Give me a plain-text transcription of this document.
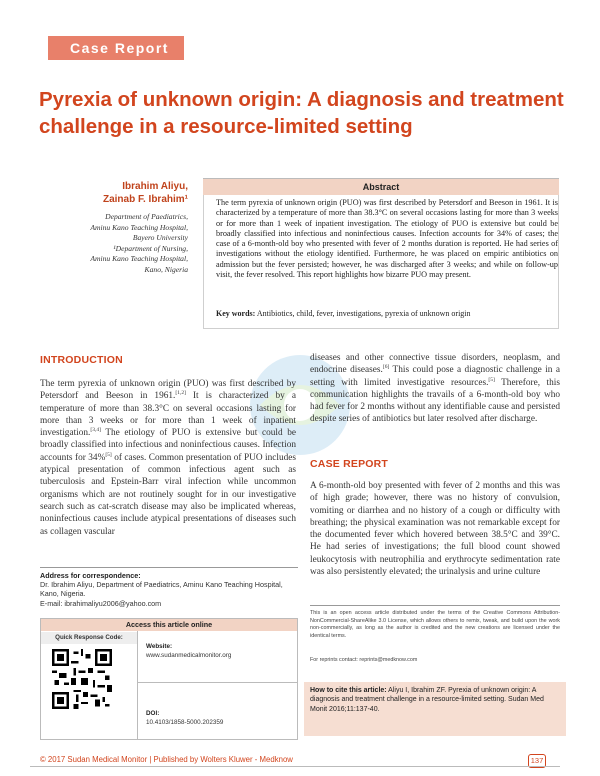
Case Report
Pyrexia of unknown origin: A diagnosis and treatment challenge in a resource-limited setting
Ibrahim Aliyu,
Zainab F. Ibrahim¹
Department of Paediatrics,
Aminu Kano Teaching Hospital,
Bayero University
¹Department of Nursing,
Aminu Kano Teaching Hospital,
Kano, Nigeria
Abstract

The term pyrexia of unknown origin (PUO) was first described by Petersdorf and Beeson in 1961. It is characterized by a temperature of more than 38.3°C on several occasions lasting for more than 3 weeks or for more than 1 week of inpatient investigation. The etiology of PUO is extensive but could be broadly classified into infectious and noninfectious causes. Infection accounts for 34% of cases; the case of a 6-month-old boy who presented with fever of 2 months duration is reported. He had series of investigations without the etiology identified. Furthermore, he was placed on empiric antibiotics on admission but the fever persisted; however, he was discharged after 3 weeks; and while on follow-up visit, the fever resolved. This report highlights how bizarre PUO may present.

Key words: Antibiotics, child, fever, investigations, pyrexia of unknown origin

INTRODUCTION

The term pyrexia of unknown origin (PUO) was first described by Petersdorf and Beeson in 1961.[1,2] It is characterized by a temperature of more than 38.3°C on several occasions lasting for more than 3 weeks or for more than 1 week of inpatient investigation.[3,4] The etiology of PUO is extensive but could be broadly classified into infectious and noninfectious causes. Infection accounts for 34%[5] of cases. Common presentation of PUO includes atypical presentation of common infectious agent such as tuberculosis and Epstein-Barr viral infection while uncommon organisms which are not routinely sought for in our investigative search such as cat-scratch disease may also be implicated whereas, noninfectious causes include atypical presentations of diseases such as collagen vascular

diseases and other connective tissue disorders, neoplasm, and endocrine diseases.[6] This could pose a diagnostic challenge in a setting with limited investigative resources.[5] Therefore, this communication highlights the travails of a 6-month-old boy who had fever for 2 months without any identifiable cause and persisted despite series of antibiotics but later resolved after discharge.

CASE REPORT

A 6-month-old boy presented with fever of 2 months and this was of high grade; however, there was no history of convulsion, vomiting or diarrhea and no history of a cough or difficulty with breathing; the physical examination was not remarkable except for the documented fever which hovered between 38.5°C and 39°C. He had series of investigations; the full blood count showed leukocytosis with neutrophilia and erythrocyte sedimentation rate was also persistently elevated; the urinalysis and urine culture

Address for correspondence:
Dr. Ibrahim Aliyu, Department of Paediatrics, Aminu Kano Teaching Hospital, Kano, Nigeria.
E-mail: ibrahimaliyu2006@yahoo.com
Access this article online
Quick Response Code:
Website:
www.sudanmedicalmonitor.org
DOI:
10.4103/1858-5000.202359

This is an open access article distributed under the terms of the Creative Commons Attribution-NonCommercial-ShareAlike 3.0 License, which allows others to remix, tweak, and build upon the work non-commercially, as long as the author is credited and the new creations are licensed under the identical terms.

For reprints contact: reprints@medknow.com
How to cite this article: Aliyu I, Ibrahim ZF. Pyrexia of unknown origin: A diagnosis and treatment challenge in a resource-limited setting. Sudan Med Monit 2016;11:137-40.
© 2017 Sudan Medical Monitor | Published by Wolters Kluwer - Medknow	137
